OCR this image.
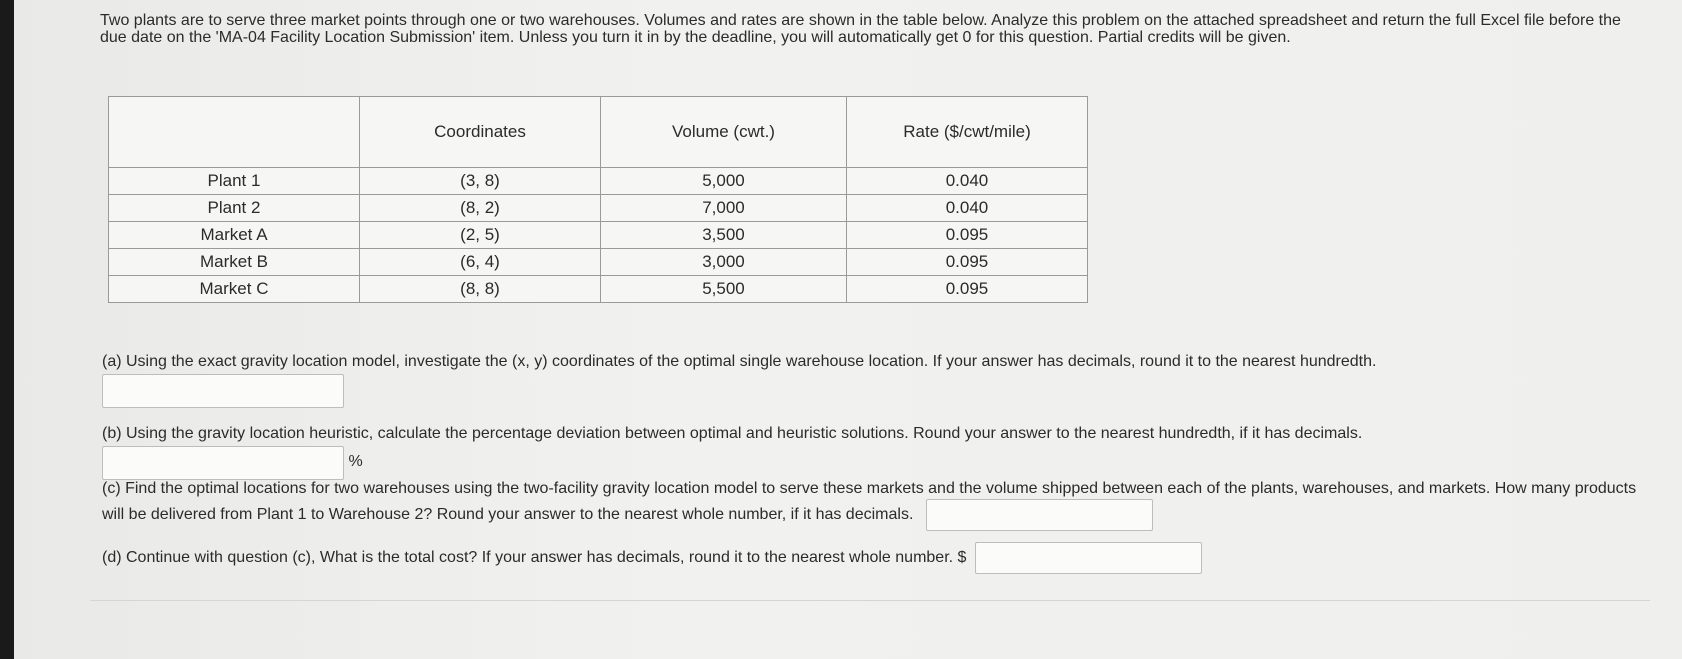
Two plants are to serve three market points through one or two warehouses. Volumes and rates are shown in the table below. Analyze this problem on the attached spreadsheet and return the full Excel file before the due date on the 'MA-04 Facility Location Submission' item. Unless you turn it in by the deadline, you will automatically get 0 for this question. Partial credits will be given.

	Coordinates	Volume (cwt.)	Rate ($/cwt/mile)
Plant 1	(3, 8)	5,000	0.040
Plant 2	(8, 2)	7,000	0.040
Market A	(2, 5)	3,500	0.095
Market B	(6, 4)	3,000	0.095
Market C	(8, 8)	5,500	0.095
(a) Using the exact gravity location model, investigate the (x, y) coordinates of the optimal single warehouse location. If your answer has decimals, round it to the nearest hundredth.
(b) Using the gravity location heuristic, calculate the percentage deviation between optimal and heuristic solutions. Round your answer to the nearest hundredth, if it has decimals.
%
(c) Find the optimal locations for two warehouses using the two-facility gravity location model to serve these markets and the volume shipped between each of the plants, warehouses, and markets. How many products will be delivered from Plant 1 to Warehouse 2? Round your answer to the nearest whole number, if it has decimals.
(d) Continue with question (c), What is the total cost? If your answer has decimals, round it to the nearest whole number. $
